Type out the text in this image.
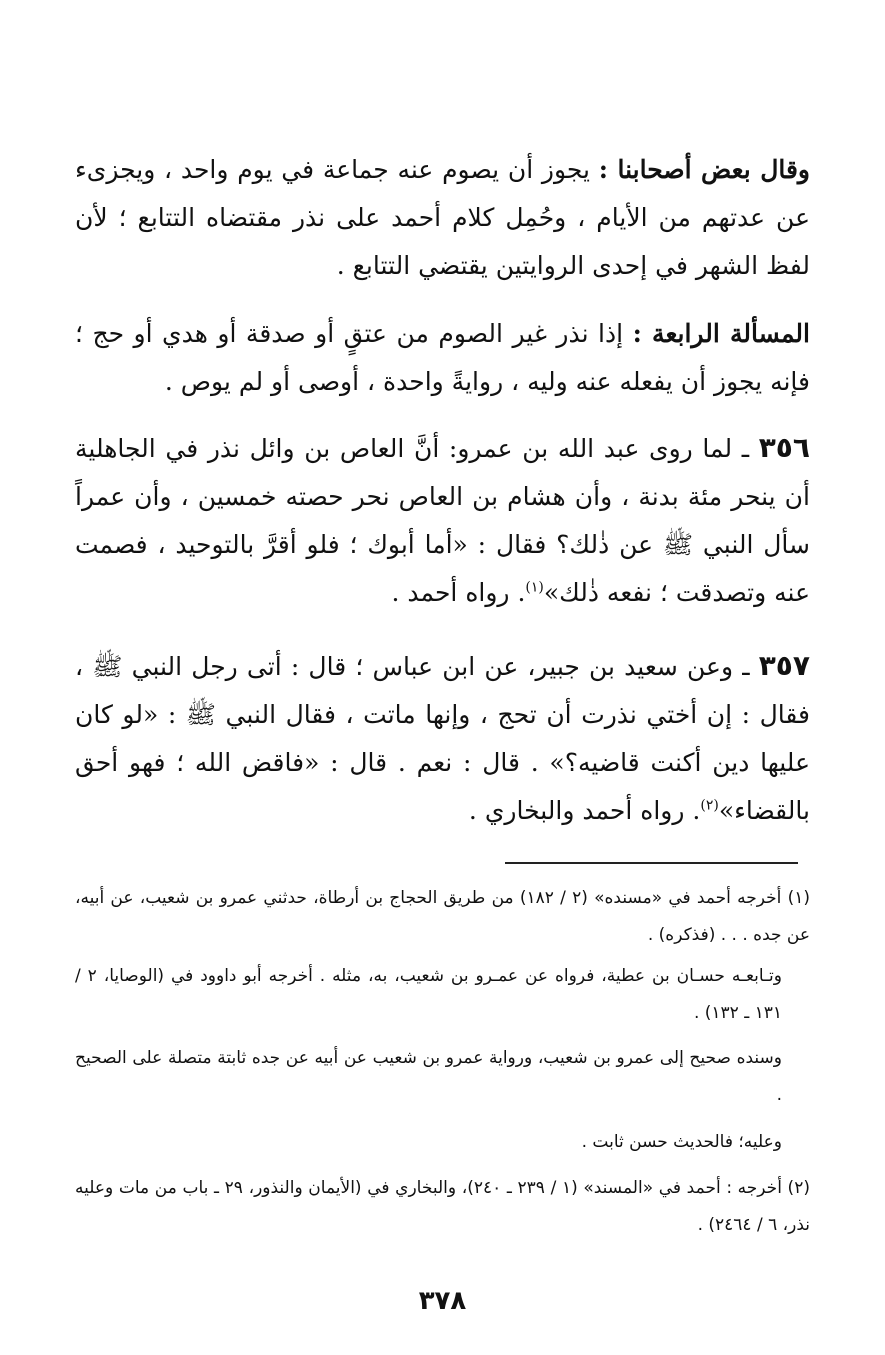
وقال بعض أصحابنا : يجوز أن يصوم عنه جماعة في يوم واحد ، ويجزىء عن عدتهم من الأيام ، وحُمِل كلام أحمد على نذر مقتضاه التتابع ؛ لأن لفظ الشهر في إحدى الروايتين يقتضي التتابع .

المسألة الرابعة : إذا نذر غير الصوم من عتقٍ أو صدقة أو هدي أو حج ؛ فإنه يجوز أن يفعله عنه وليه ، روايةً واحدة ، أوصى أو لم يوص .

٣٥٦ ـ لما روى عبد الله بن عمرو: أنَّ العاص بن وائل نذر في الجاهلية أن ينحر مئة بدنة ، وأن هشام بن العاص نحر حصته خمسين ، وأن عمراً سأل النبي ﷺ عن ذٰلك؟ فقال : «أما أبوك ؛ فلو أقرَّ بالتوحيد ، فصمت عنه وتصدقت ؛ نفعه ذٰلك»$^{(١)}$. رواه أحمد .

٣٥٧ ـ وعن سعيد بن جبير، عن ابن عباس ؛ قال : أتى رجل النبي ﷺ ، فقال : إن أختي نذرت أن تحج ، وإنها ماتت ، فقال النبي ﷺ : «لو كان عليها دين أكنت قاضيه؟» . قال : نعم . قال : «فاقض الله ؛ فهو أحق بالقضاء»$^{(٢)}$. رواه أحمد والبخاري .

(١) أخرجه أحمد في «مسنده» (٢ / ١٨٢) من طريق الحجاج بن أرطاة، حدثني عمرو بن شعيب، عن أبيه، عن جده . . . (فذكره) .

وتـابعـه حسـان بن عطية، فرواه عن عمـرو بن شعيب، به، مثله . أخرجه أبو داوود في (الوصايا، ٢ / ١٣١ ـ ١٣٢) .

وسنده صحيح إلى عمرو بن شعيب، ورواية عمرو بن شعيب عن أبيه عن جده ثابتة متصلة على الصحيح .

وعليه؛ فالحديث حسن ثابت .

(٢) أخرجه : أحمد في «المسند» (١ / ٢٣٩ ـ ٢٤٠)، والبخاري في (الأيمان والنذور، ٢٩ ـ باب من مات وعليه نذر، ٦ / ٢٤٦٤) .

٣٧٨
